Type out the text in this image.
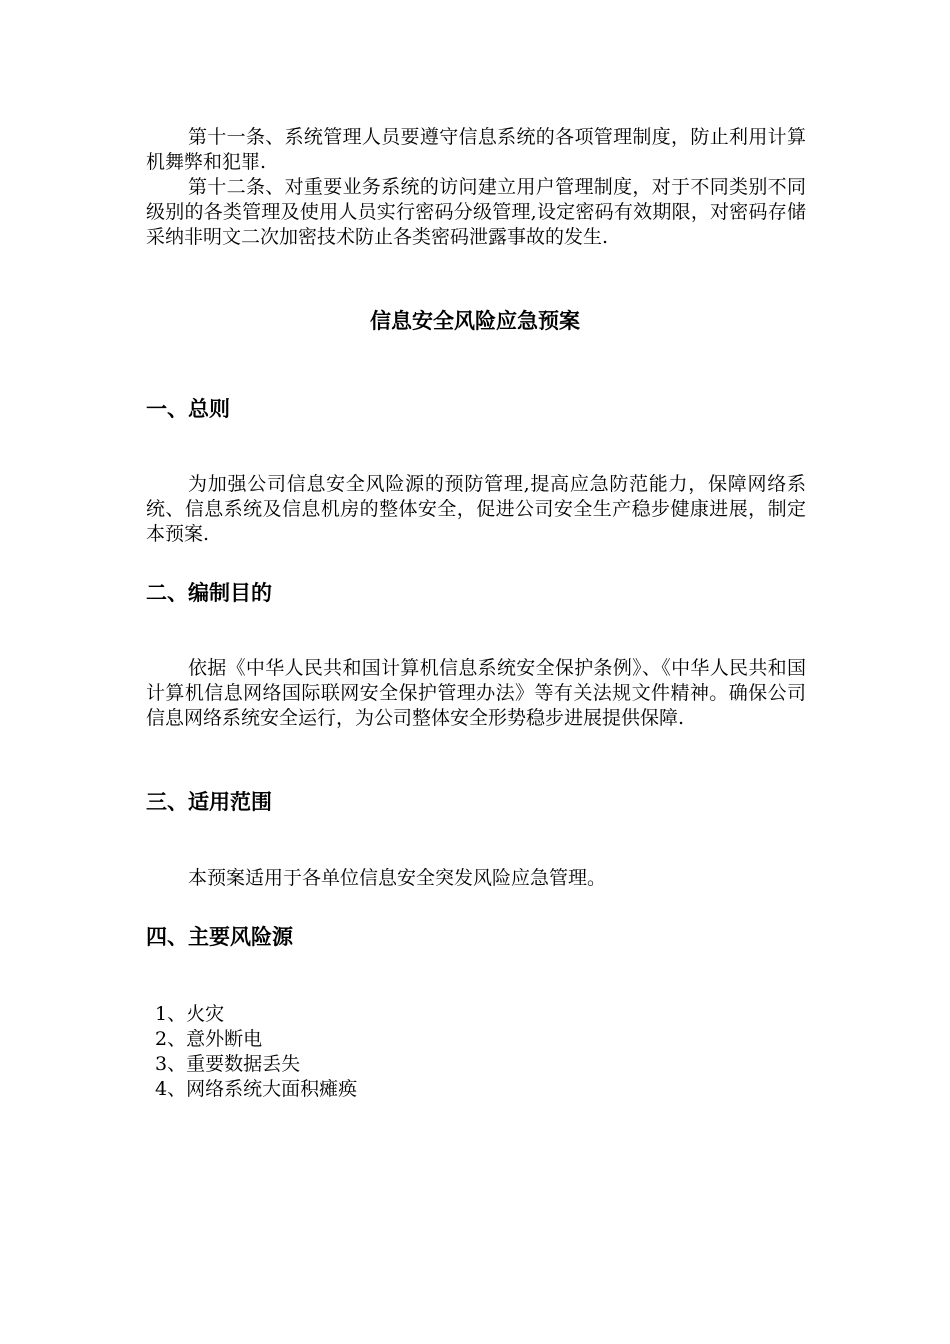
第十一条、系统管理人员要遵守信息系统的各项管理制度，防止利用计算机舞弊和犯罪.

第十二条、对重要业务系统的访问建立用户管理制度，对于不同类别不同级别的各类管理及使用人员实行密码分级管理,设定密码有效期限，对密码存储采纳非明文二次加密技术防止各类密码泄露事故的发生.

信息安全风险应急预案
一、总则

为加强公司信息安全风险源的预防管理,提高应急防范能力，保障网络系统、信息系统及信息机房的整体安全，促进公司安全生产稳步健康进展，制定本预案.

二、编制目的

依据《中华人民共和国计算机信息系统安全保护条例》、《中华人民共和国计算机信息网络国际联网安全保护管理办法》等有关法规文件精神。确保公司信息网络系统安全运行，为公司整体安全形势稳步进展提供保障.

三、适用范围

本预案适用于各单位信息安全突发风险应急管理。

四、主要风险源
1、火灾
2、意外断电
3、重要数据丢失
4、网络系统大面积瘫痪
